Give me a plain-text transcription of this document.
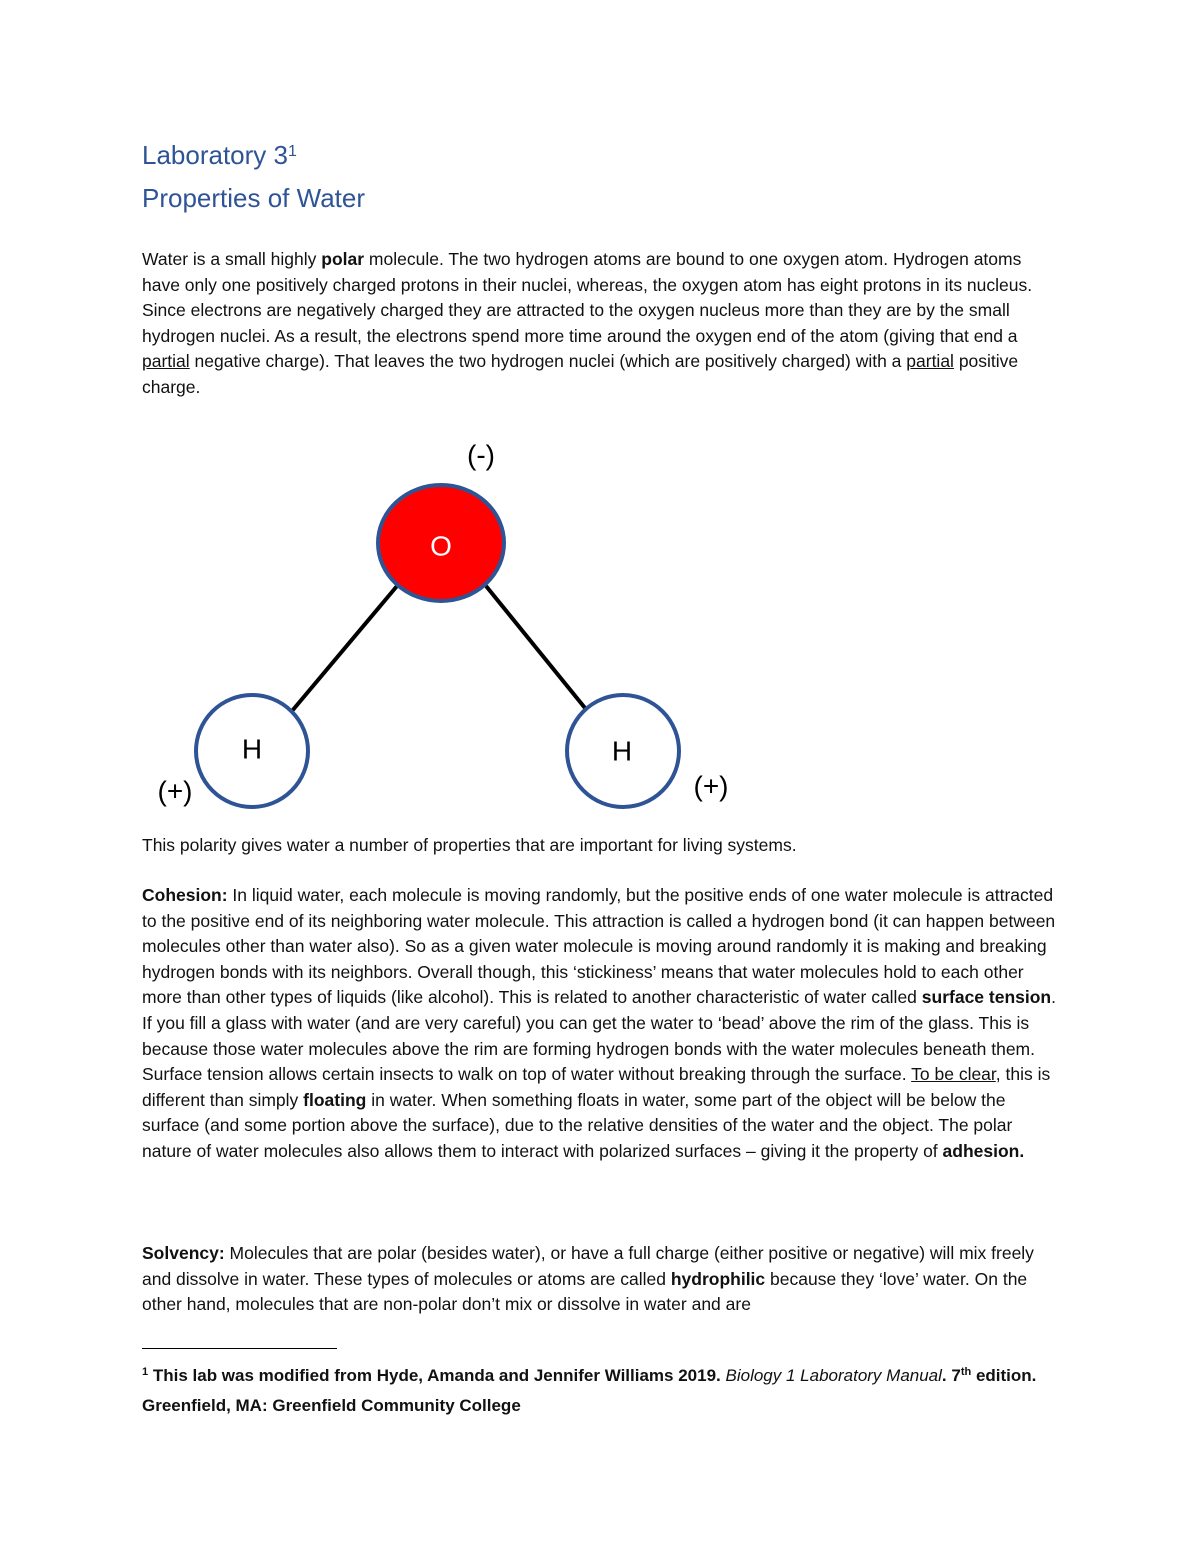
Laboratory $3^1$
Properties of Water
Water is a small highly polar molecule. The two hydrogen atoms are bound to one oxygen atom. Hydrogen atoms have only one positively charged protons in their nuclei, whereas, the oxygen atom has eight protons in its nucleus. Since electrons are negatively charged they are attracted to the oxygen nucleus more than they are by the small hydrogen nuclei. As a result, the electrons spend more time around the oxygen end of the atom (giving that end a partial negative charge). That leaves the two hydrogen nuclei (which are positively charged) with a partial positive charge.
O
(-)
H
(+)
H
(+)
This polarity gives water a number of properties that are important for living systems.
Cohesion: In liquid water, each molecule is moving randomly, but the positive ends of one water molecule is attracted to the positive end of its neighboring water molecule. This attraction is called a hydrogen bond (it can happen between molecules other than water also). So as a given water molecule is moving around randomly it is making and breaking hydrogen bonds with its neighbors. Overall though, this ‘stickiness’ means that water molecules hold to each other more than other types of liquids (like alcohol). This is related to another characteristic of water called surface tension. If you fill a glass with water (and are very careful) you can get the water to ‘bead’ above the rim of the glass. This is because those water molecules above the rim are forming hydrogen bonds with the water molecules beneath them. Surface tension allows certain insects to walk on top of water without breaking through the surface. To be clear, this is different than simply floating in water. When something floats in water, some part of the object will be below the surface (and some portion above the surface), due to the relative densities of the water and the object. The polar nature of water molecules also allows them to interact with polarized surfaces – giving it the property of adhesion.
Solvency: Molecules that are polar (besides water), or have a full charge (either positive or negative) will mix freely and dissolve in water. These types of molecules or atoms are called hydrophilic because they ‘love’ water. On the other hand, molecules that are non-polar don’t mix or dissolve in water and are
$^1$ This lab was modified from Hyde, Amanda and Jennifer Williams 2019. Biology 1 Laboratory Manual. 7th edition. Greenfield, MA: Greenfield Community College
